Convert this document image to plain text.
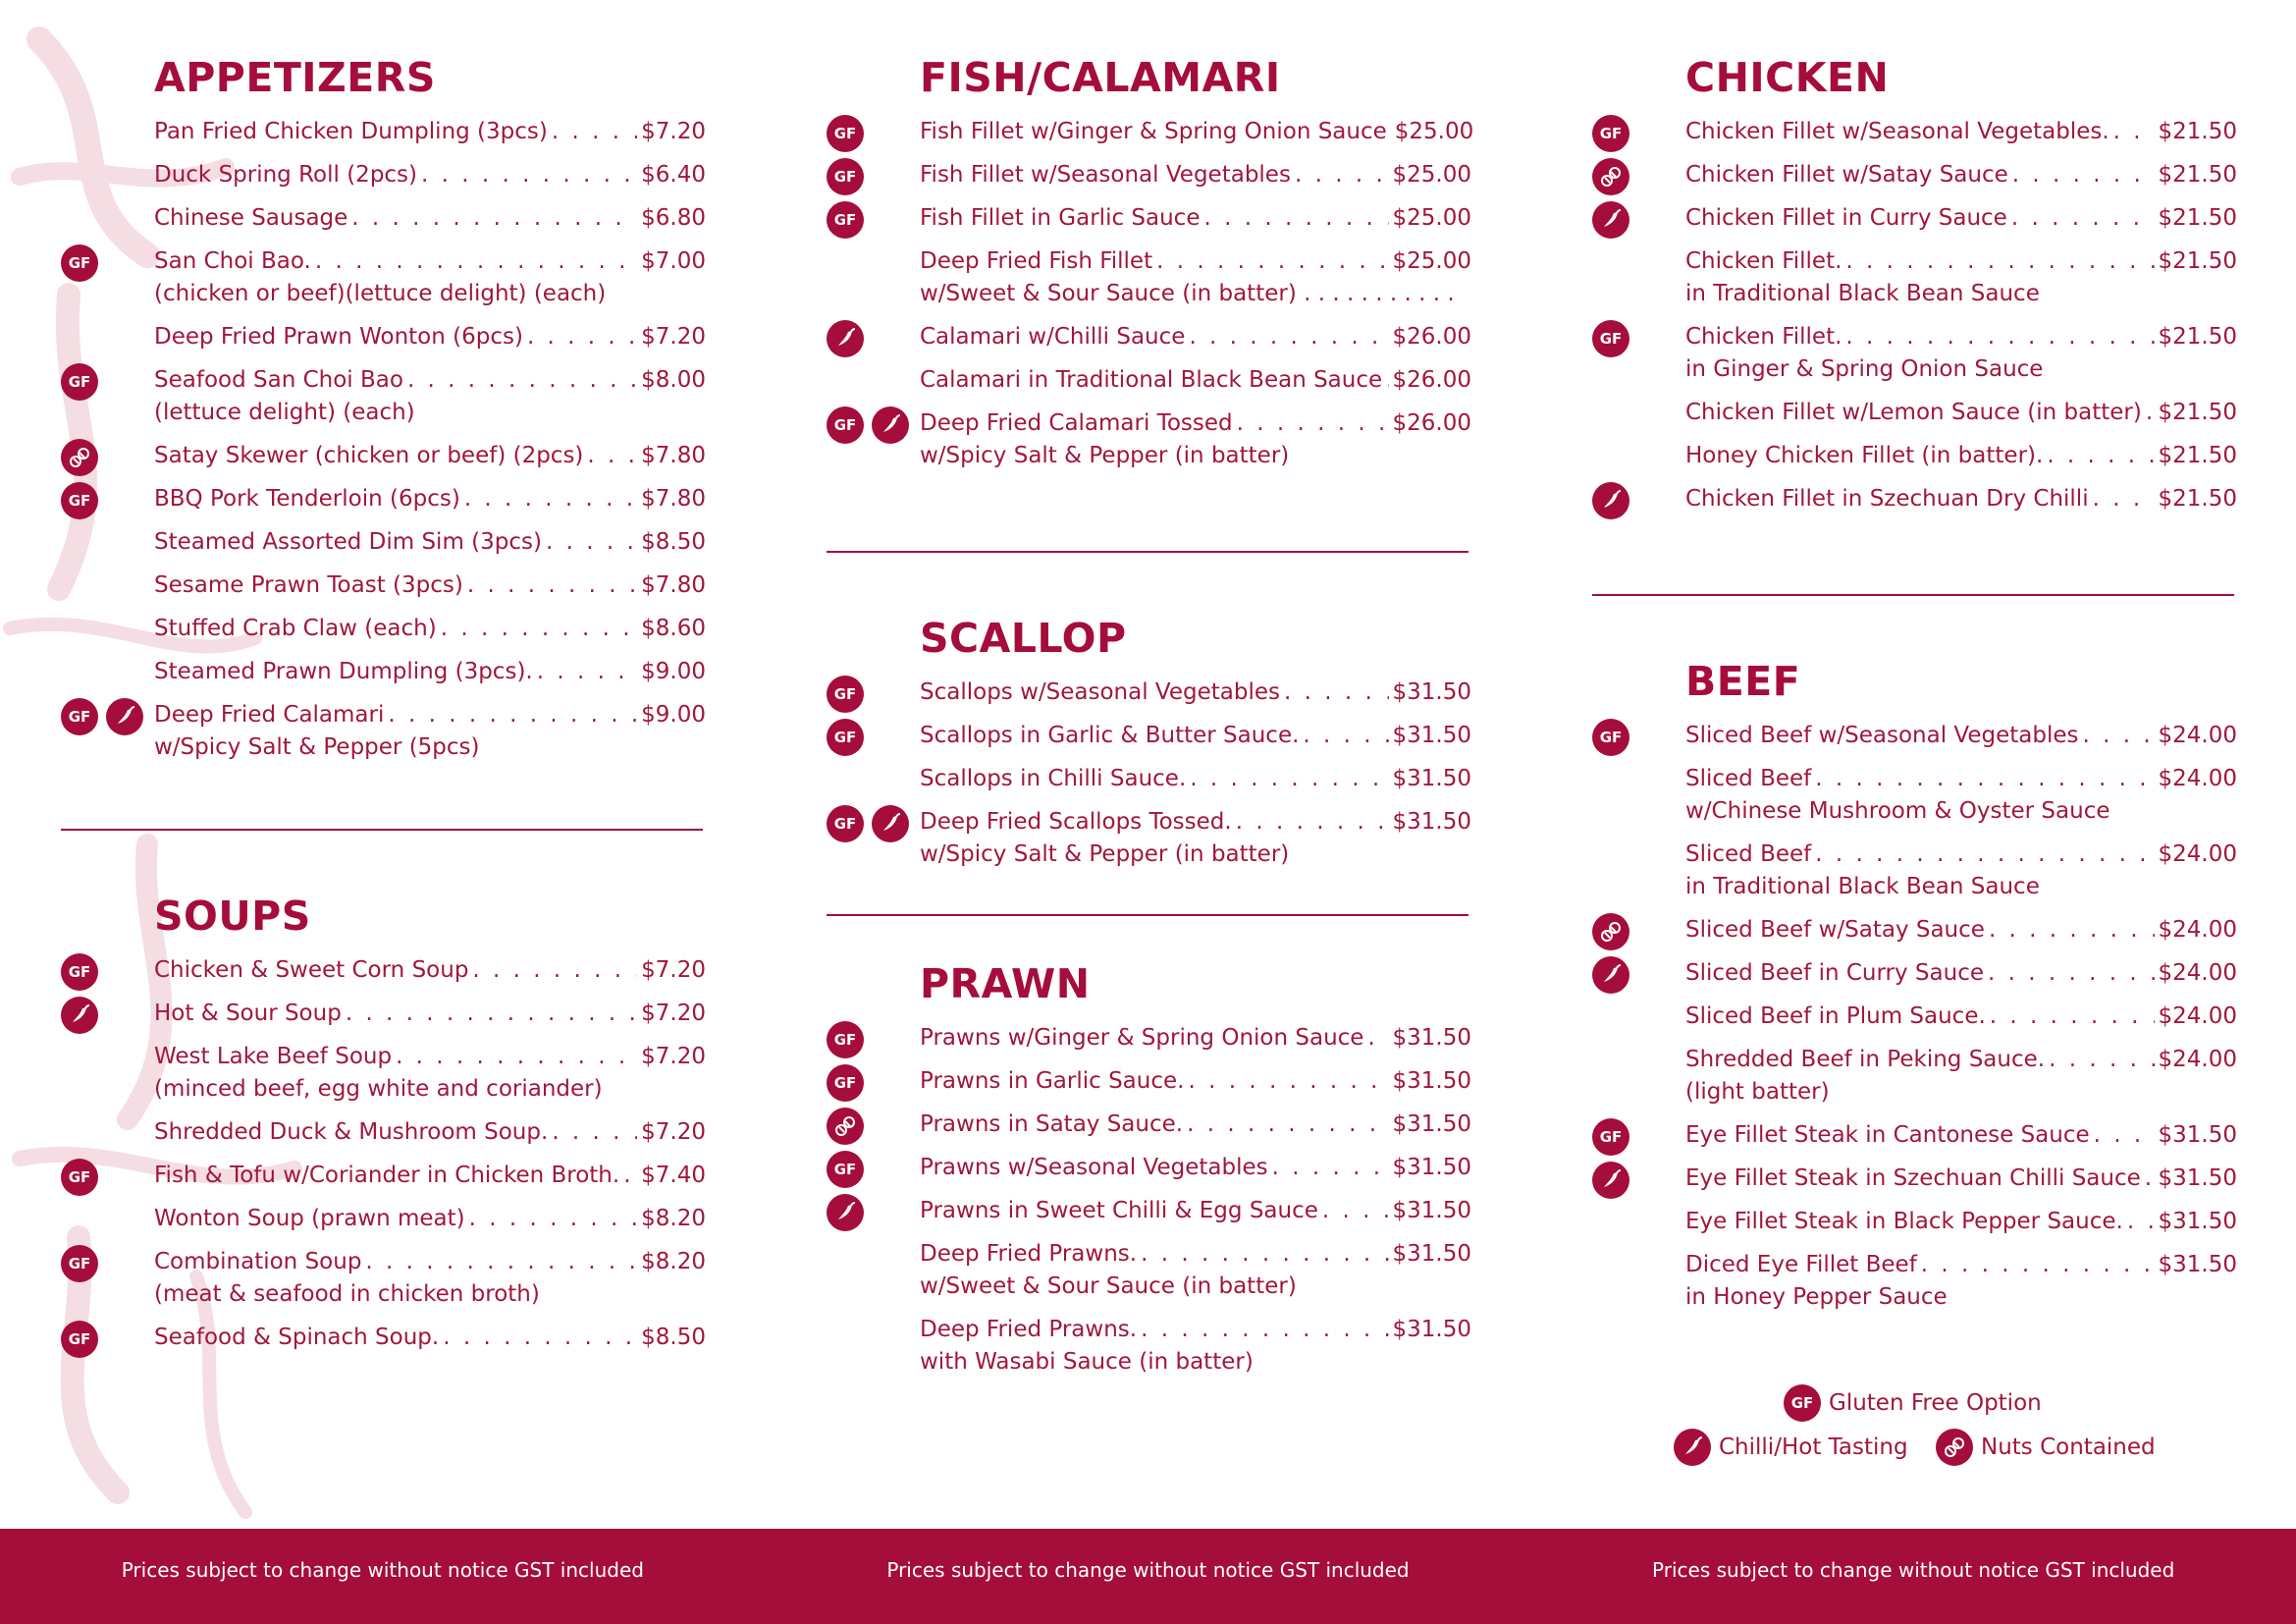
APPETIZERS
Pan Fried Chicken Dumpling (3pcs) . . .	$7.20
Duck Spring Roll (2pcs) . . .	$6.40
Chinese Sausage . . .	$6.80
GF	San Choi Bao. . . .	$7.00
(chicken or beef)(lettuce delight) (each)
Deep Fried Prawn Wonton (6pcs) . . .	$7.20
GF	Seafood San Choi Bao . . .	$8.00
(lettuce delight) (each)
Satay Skewer (chicken or beef) (2pcs) . . .	$7.80
GF	BBQ Pork Tenderloin (6pcs) . . .	$7.80
Steamed Assorted Dim Sim (3pcs) . . .	$8.50
Sesame Prawn Toast (3pcs) . . .	$7.80
Stuffed Crab Claw (each) . . .	$8.60
Steamed Prawn Dumpling (3pcs). . . .	$9.00
GF	Deep Fried Calamari . . .	$9.00
w/Spicy Salt & Pepper (5pcs)
SOUPS
GF	Chicken & Sweet Corn Soup . . .	$7.20
Hot & Sour Soup . . .	$7.20
West Lake Beef Soup . . .	$7.20
(minced beef, egg white and coriander)
Shredded Duck & Mushroom Soup. . . .	$7.20
GF	Fish & Tofu w/Coriander in Chicken Broth. . . . $7.40
Wonton Soup (prawn meat) . . .	$8.20
GF	Combination Soup . . .	$8.20
(meat & seafood in chicken broth)
GF	Seafood & Spinach Soup. . . .	$8.50
FISH/CALAMARI
GF	Fish Fillet w/Ginger & Spring Onion Sauce $25.00
GF	Fish Fillet w/Seasonal Vegetables . . .	$25.00
GF	Fish Fillet in Garlic Sauce . . .	$25.00
Deep Fried Fish Fillet . . .	$25.00
w/Sweet & Sour Sauce (in batter) . . . . . . . . . . .
Calamari w/Chilli Sauce . . .	$26.00
Calamari in Traditional Black Bean Sauce . . . $26.00
GF	Deep Fried Calamari Tossed . . .	$26.00
w/Spicy Salt & Pepper (in batter)
SCALLOP
GF	Scallops w/Seasonal Vegetables . . .	$31.50
GF	Scallops in Garlic & Butter Sauce. . . .	$31.50
Scallops in Chilli Sauce. . . .	$31.50
GF	Deep Fried Scallops Tossed. . . .	$31.50
w/Spicy Salt & Pepper (in batter)
PRAWN
GF	Prawns w/Ginger & Spring Onion Sauce . . . $31.50
GF	Prawns in Garlic Sauce. . . .	$31.50
Prawns in Satay Sauce. . . .	$31.50
GF	Prawns w/Seasonal Vegetables . . .	$31.50
Prawns in Sweet Chilli & Egg Sauce . . .	$31.50
Deep Fried Prawns. . . .	$31.50
w/Sweet & Sour Sauce (in batter)
Deep Fried Prawns. . . .	$31.50
with Wasabi Sauce (in batter)
CHICKEN
GF	Chicken Fillet w/Seasonal Vegetables. . . . $21.50
Chicken Fillet w/Satay Sauce . . .	$21.50
Chicken Fillet in Curry Sauce . . .	$21.50
Chicken Fillet. . . .	$21.50
in Traditional Black Bean Sauce
GF	Chicken Fillet. . . .	$21.50
in Ginger & Spring Onion Sauce
Chicken Fillet w/Lemon Sauce (in batter) . . . $21.50
Honey Chicken Fillet (in batter). . . .	$21.50
Chicken Fillet in Szechuan Dry Chilli . . .	$21.50
BEEF
GF	Sliced Beef w/Seasonal Vegetables . . .	$24.00
Sliced Beef . . .	$24.00
w/Chinese Mushroom & Oyster Sauce
Sliced Beef . . .	$24.00
in Traditional Black Bean Sauce
Sliced Beef w/Satay Sauce . . .	$24.00
Sliced Beef in Curry Sauce . . .	$24.00
Sliced Beef in Plum Sauce. . . .	$24.00
Shredded Beef in Peking Sauce. . . .	$24.00
(light batter)
GF	Eye Fillet Steak in Cantonese Sauce . . .	$31.50
Eye Fillet Steak in Szechuan Chilli Sauce . . . $31.50
Eye Fillet Steak in Black Pepper Sauce. . . . $31.50
Diced Eye Fillet Beef . . .	$31.50
in Honey Pepper Sauce
GF Gluten Free Option
Chilli/Hot Tasting	Nuts Contained
Prices subject to change without notice GST included	Prices subject to change without notice GST included	Prices subject to change without notice GST included
